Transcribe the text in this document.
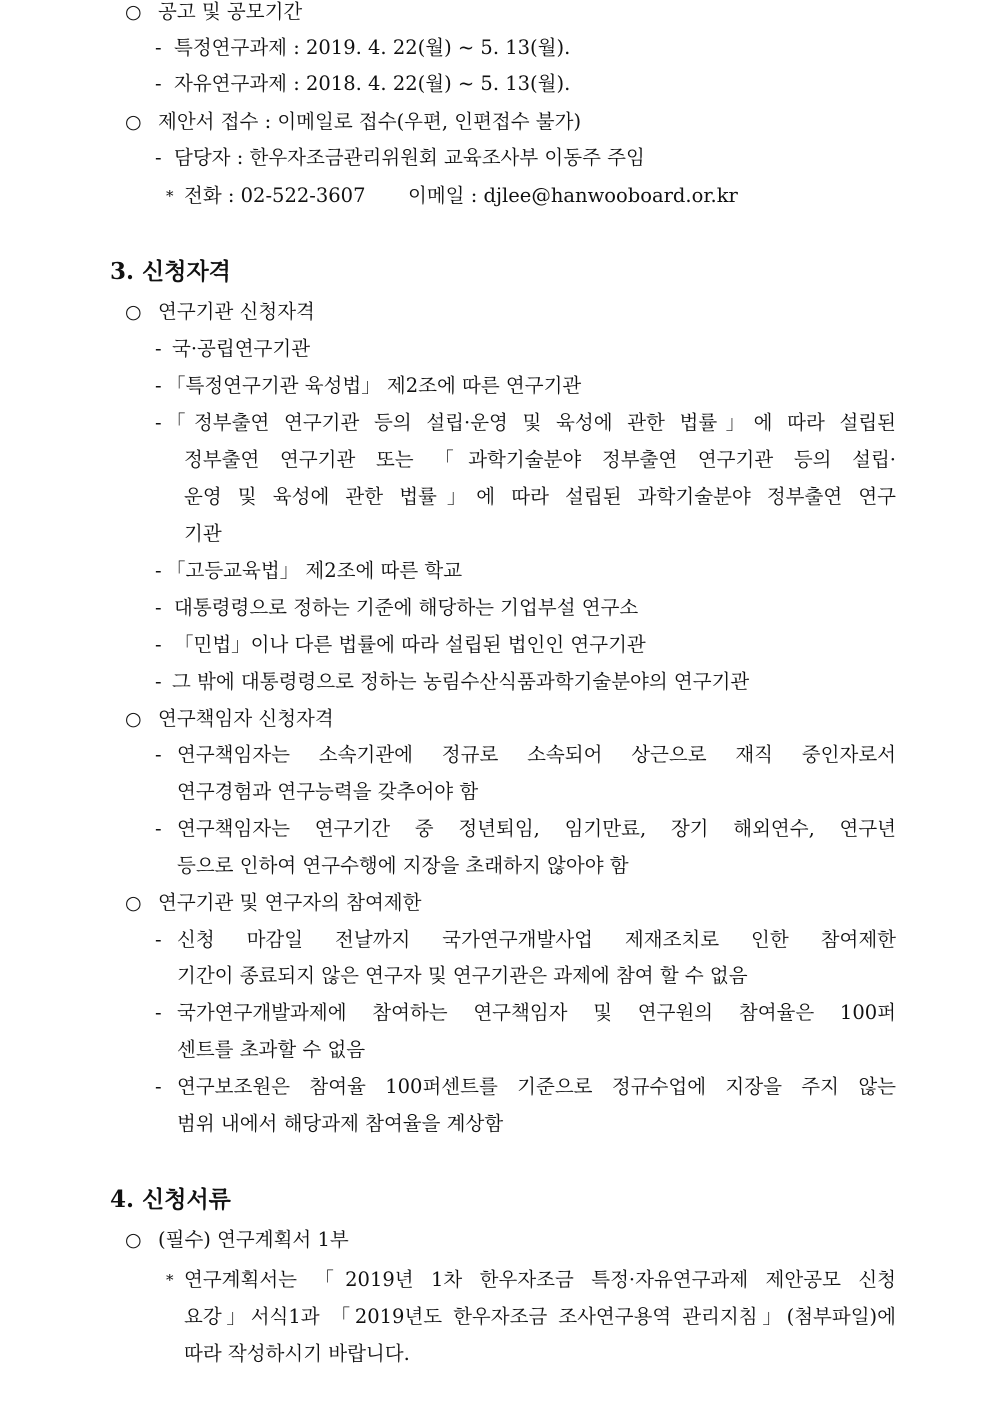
○ 공고 및 공모기간
- 특정연구과제 : 2019. 4. 22(월) ~ 5. 13(월).
- 자유연구과제 : 2018. 4. 22(월) ~ 5. 13(월).
○ 제안서 접수 : 이메일로 접수(우편, 인편접수 불가)
- 담당자 : 한우자조금관리위원회 교육조사부 이동주 주임
* 전화 : 02-522-3607 이메일 : djlee@hanwooboard.or.kr
3. 신청자격
○ 연구기관 신청자격
- 국·공립연구기관
- 「특정연구기관 육성법」 제2조에 따른 연구기관
- 「정부출연 연구기관 등의 설립·운영 및 육성에 관한 법률」에 따라 설립된
정부출연 연구기관 또는 「과학기술분야 정부출연 연구기관 등의 설립·
운영 및 육성에 관한 법률」에 따라 설립된 과학기술분야 정부출연 연구
기관
- 「고등교육법」 제2조에 따른 학교
- 대통령령으로 정하는 기준에 해당하는 기업부설 연구소
- 「민법」이나 다른 법률에 따라 설립된 법인인 연구기관
- 그 밖에 대통령령으로 정하는 농림수산식품과학기술분야의 연구기관
○ 연구책임자 신청자격
- 연구책임자는 소속기관에 정규로 소속되어 상근으로 재직 중인자로서
연구경험과 연구능력을 갖추어야 함
- 연구책임자는 연구기간 중 정년퇴임, 임기만료, 장기 해외연수, 연구년
등으로 인하여 연구수행에 지장을 초래하지 않아야 함
○ 연구기관 및 연구자의 참여제한
- 신청 마감일 전날까지 국가연구개발사업 제재조치로 인한 참여제한
기간이 종료되지 않은 연구자 및 연구기관은 과제에 참여 할 수 없음
- 국가연구개발과제에 참여하는 연구책임자 및 연구원의 참여율은 100퍼
센트를 초과할 수 없음
- 연구보조원은 참여율 100퍼센트를 기준으로 정규수업에 지장을 주지 않는
범위 내에서 해당과제 참여율을 계상함
4. 신청서류
○ (필수) 연구계획서 1부
* 연구계획서는 「2019년 1차 한우자조금 특정·자유연구과제 제안공모 신청
요강」서식1과 「2019년도 한우자조금 조사연구용역 관리지침」(첨부파일)에
따라 작성하시기 바랍니다.
